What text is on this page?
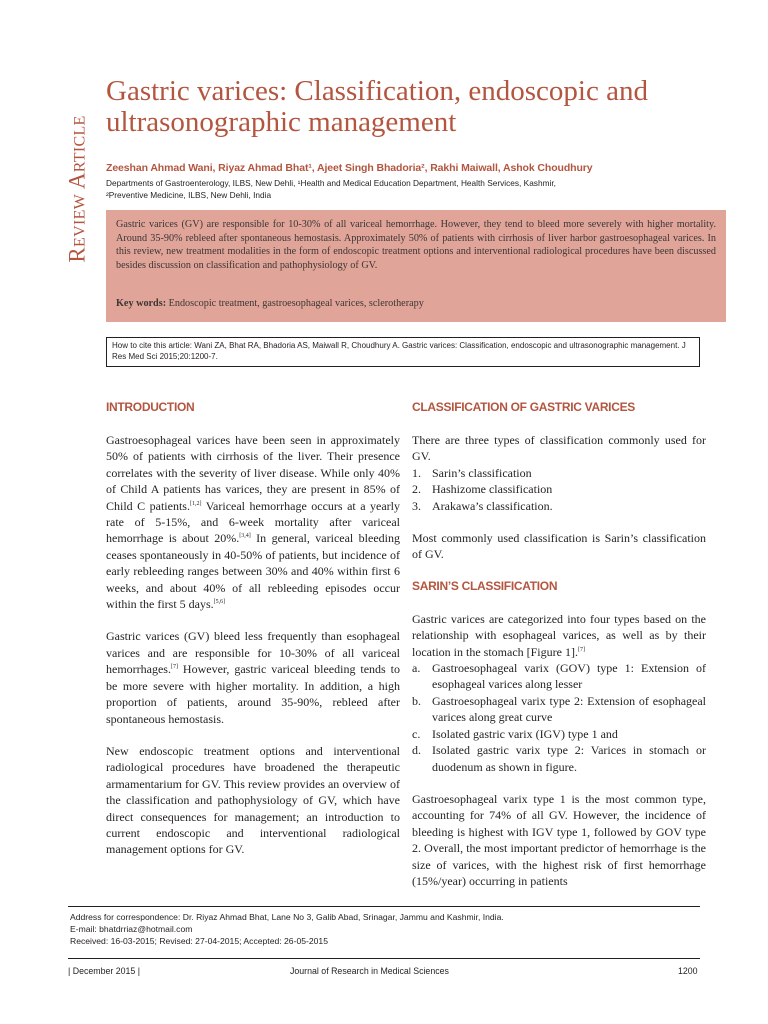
Review Article
Gastric varices: Classification, endoscopic and ultrasonographic management
Zeeshan Ahmad Wani, Riyaz Ahmad Bhat¹, Ajeet Singh Bhadoria², Rakhi Maiwall, Ashok Choudhury
Departments of Gastroenterology, ILBS, New Dehli, ¹Health and Medical Education Department, Health Services, Kashmir,
²Preventive Medicine, ILBS, New Dehli, India

Gastric varices (GV) are responsible for 10-30% of all variceal hemorrhage. However, they tend to bleed more severely with higher mortality. Around 35-90% rebleed after spontaneous hemostasis. Approximately 50% of patients with cirrhosis of liver harbor gastroesophageal varices. In this review, new treatment modalities in the form of endoscopic treatment options and interventional radiological procedures have been discussed besides discussion on classification and pathophysiology of GV.

Key words: Endoscopic treatment, gastroesophageal varices, sclerotherapy
How to cite this article: Wani ZA, Bhat RA, Bhadoria AS, Maiwall R, Choudhury A. Gastric varices: Classification, endoscopic and ultrasonographic management. J Res Med Sci 2015;20:1200-7.
INTRODUCTION

Gastroesophageal varices have been seen in approximately 50% of patients with cirrhosis of the liver. Their presence correlates with the severity of liver disease. While only 40% of Child A patients has varices, they are present in 85% of Child C patients.[1,2] Variceal hemorrhage occurs at a yearly rate of 5-15%, and 6-week mortality after variceal hemorrhage is about 20%.[3,4] In general, variceal bleeding ceases spontaneously in 40-50% of patients, but incidence of early rebleeding ranges between 30% and 40% within first 6 weeks, and about 40% of all rebleeding episodes occur within the first 5 days.[5,6]

Gastric varices (GV) bleed less frequently than esophageal varices and are responsible for 10-30% of all variceal hemorrhages.[7] However, gastric variceal bleeding tends to be more severe with higher mortality. In addition, a high proportion of patients, around 35-90%, rebleed after spontaneous hemostasis.

New endoscopic treatment options and interventional radiological procedures have broadened the therapeutic armamentarium for GV. This review provides an overview of the classification and pathophysiology of GV, which have direct consequences for management; an introduction to current endoscopic and interventional radiological management options for GV.

CLASSIFICATION OF GASTRIC VARICES

There are three types of classification commonly used for GV.

1. Sarin’s classification
2. Hashizome classification
3. Arakawa’s classification.

Most commonly used classification is Sarin’s classification of GV.

SARIN’S CLASSIFICATION

Gastric varices are categorized into four types based on the relationship with esophageal varices, as well as by their location in the stomach [Figure 1].[7]

a. Gastroesophageal varix (GOV) type 1: Extension of esophageal varices along lesser
b. Gastroesophageal varix type 2: Extension of esophageal varices along great curve
c. Isolated gastric varix (IGV) type 1 and
d. Isolated gastric varix type 2: Varices in stomach or duodenum as shown in figure.

Gastroesophageal varix type 1 is the most common type, accounting for 74% of all GV. However, the incidence of bleeding is highest with IGV type 1, followed by GOV type 2. Overall, the most important predictor of hemorrhage is the size of varices, with the highest risk of first hemorrhage (15%/year) occurring in patients

Address for correspondence: Dr. Riyaz Ahmad Bhat, Lane No 3, Galib Abad, Srinagar, Jammu and Kashmir, India.
E-mail: bhatdrriaz@hotmail.com
Received: 16-03-2015; Revised: 27-04-2015; Accepted: 26-05-2015
| December 2015 |	Journal of Research in Medical Sciences	1200
